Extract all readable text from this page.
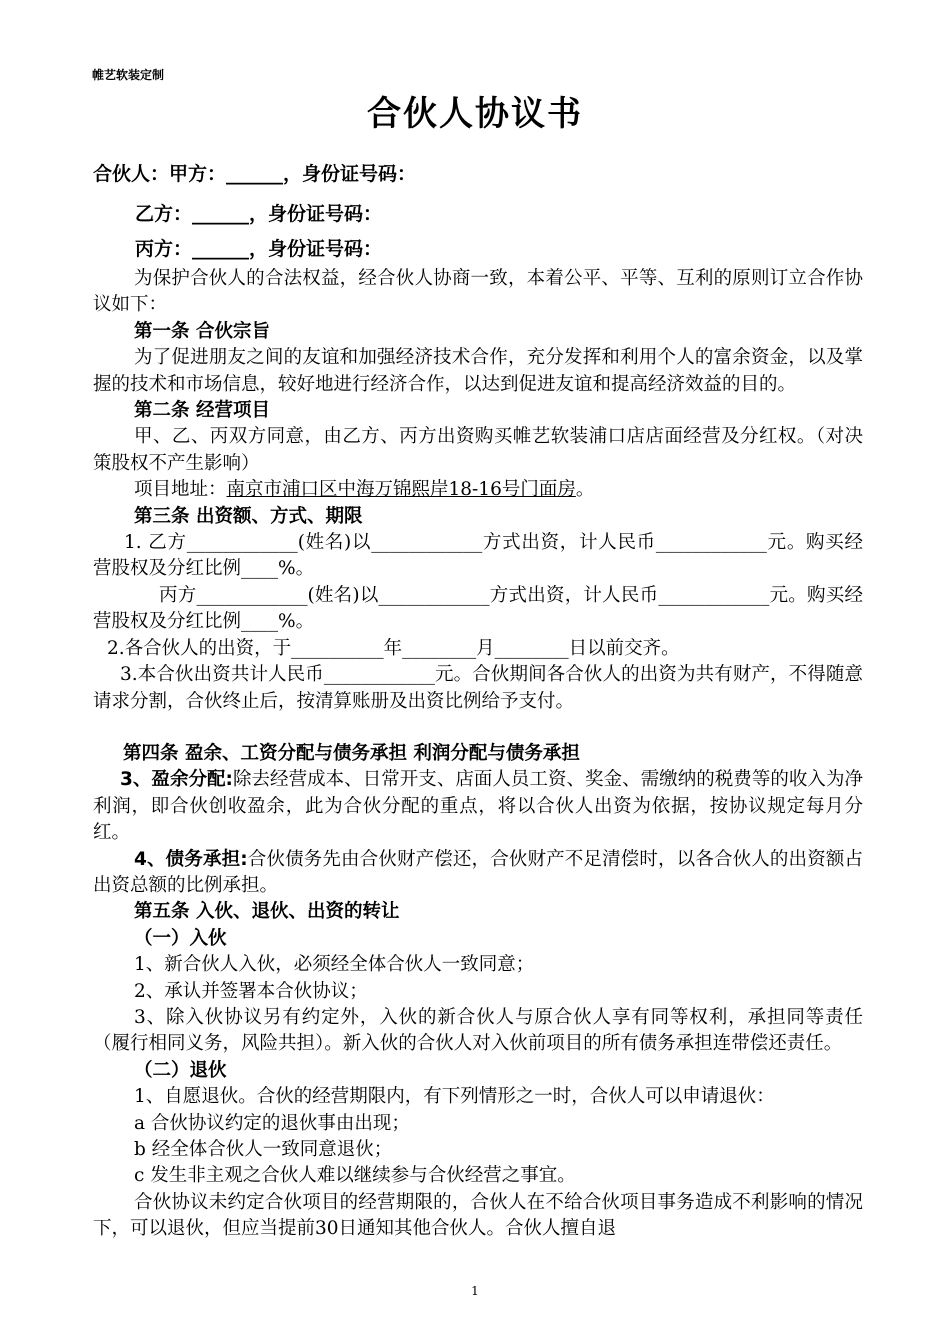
帷艺软装定制
合伙人协议书
合伙人：甲方：______，身份证号码：
乙方：______，身份证号码：
丙方：______，身份证号码：

为保护合伙人的合法权益，经合伙人协商一致，本着公平、平等、互利的原则订立合作协议如下：

第一条 合伙宗旨

为了促进朋友之间的友谊和加强经济技术合作，充分发挥和利用个人的富余资金，以及掌握的技术和市场信息，较好地进行经济合作，以达到促进友谊和提高经济效益的目的。

第二条 经营项目

甲、乙、丙双方同意，由乙方、丙方出资购买帷艺软装浦口店店面经营及分红权。（对决策股权不产生影响）

项目地址：南京市浦口区中海万锦熙岸18-16号门面房。

第三条 出资额、方式、期限

1. 乙方____________(姓名)以____________方式出资，计人民币____________元。购买经营股权及分红比例____%。

丙方____________(姓名)以____________方式出资，计人民币____________元。购买经营股权及分红比例____%。

2.各合伙人的出资，于__________年________月________日以前交齐。

3.本合伙出资共计人民币____________元。合伙期间各合伙人的出资为共有财产，不得随意请求分割，合伙终止后，按清算账册及出资比例给予支付。

第四条 盈余、工资分配与债务承担 利润分配与债务承担

3、盈余分配:除去经营成本、日常开支、店面人员工资、奖金、需缴纳的税费等的收入为净利润，即合伙创收盈余，此为合伙分配的重点，将以合伙人出资为依据，按协议规定每月分红。

4、债务承担:合伙债务先由合伙财产偿还，合伙财产不足清偿时，以各合伙人的出资额占出资总额的比例承担。

第五条 入伙、退伙、出资的转让

（一）入伙

1、新合伙人入伙，必须经全体合伙人一致同意；

2、承认并签署本合伙协议；

3、除入伙协议另有约定外，入伙的新合伙人与原合伙人享有同等权利，承担同等责任（履行相同义务，风险共担）。新入伙的合伙人对入伙前项目的所有债务承担连带偿还责任。

（二）退伙

1、自愿退伙。合伙的经营期限内，有下列情形之一时，合伙人可以申请退伙：

a 合伙协议约定的退伙事由出现；

b 经全体合伙人一致同意退伙；

c 发生非主观之合伙人难以继续参与合伙经营之事宜。

合伙协议未约定合伙项目的经营期限的，合伙人在不给合伙项目事务造成不利影响的情况下，可以退伙，但应当提前30日通知其他合伙人。合伙人擅自退

1
